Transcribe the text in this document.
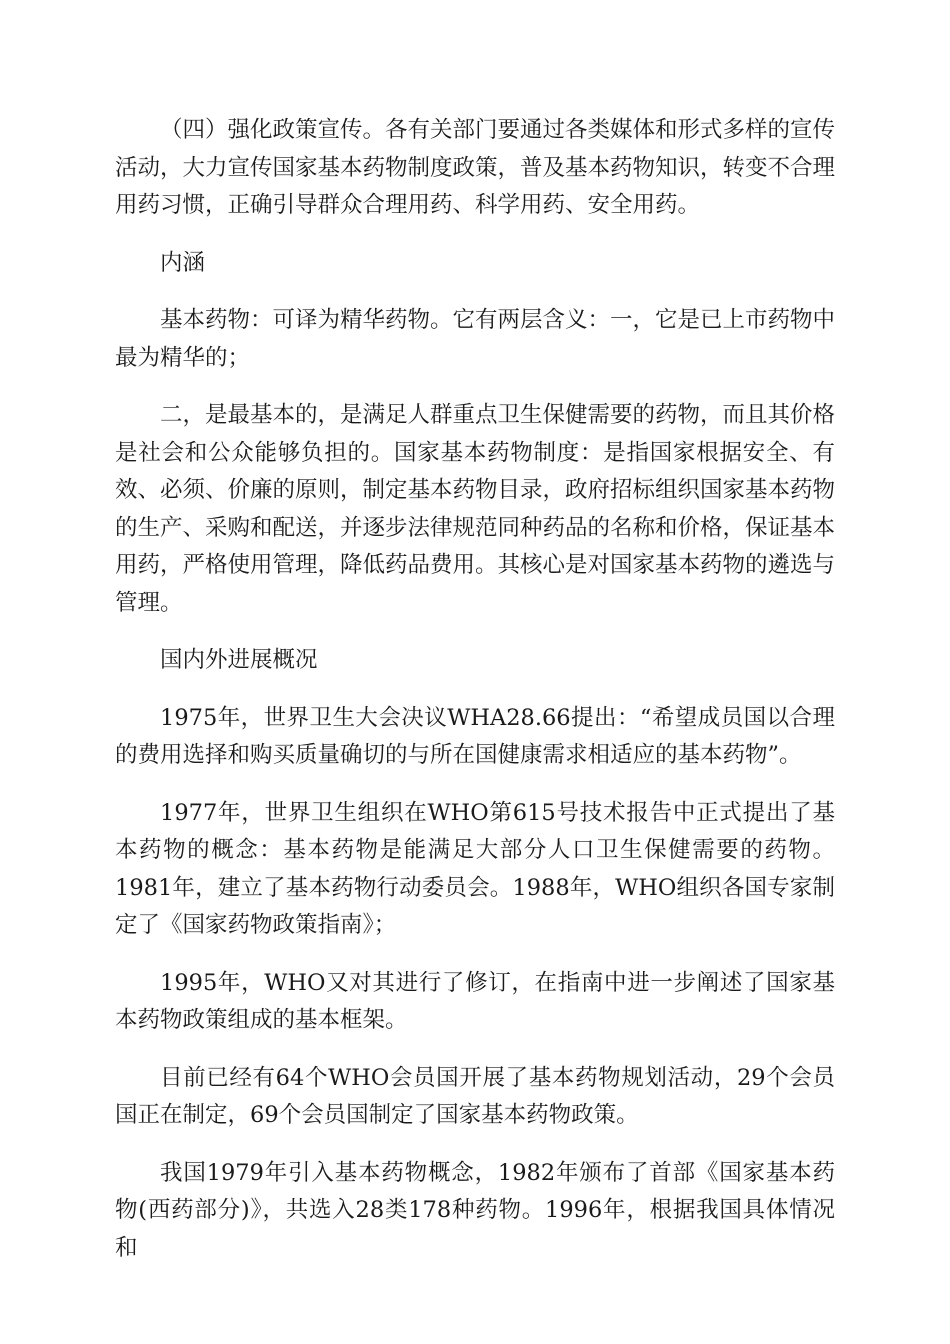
（四）强化政策宣传。各有关部门要通过各类媒体和形式多样的宣传活动，大力宣传国家基本药物制度政策，普及基本药物知识，转变不合理用药习惯，正确引导群众合理用药、科学用药、安全用药。

内涵

基本药物：可译为精华药物。它有两层含义：一，它是已上市药物中最为精华的；

二，是最基本的，是满足人群重点卫生保健需要的药物，而且其价格是社会和公众能够负担的。国家基本药物制度：是指国家根据安全、有效、必须、价廉的原则，制定基本药物目录，政府招标组织国家基本药物的生产、采购和配送，并逐步法律规范同种药品的名称和价格，保证基本用药，严格使用管理，降低药品费用。其核心是对国家基本药物的遴选与管理。

国内外进展概况

1975年，世界卫生大会决议WHA28.66提出：“希望成员国以合理的费用选择和购买质量确切的与所在国健康需求相适应的基本药物”。

1977年，世界卫生组织在WHO第615号技术报告中正式提出了基本药物的概念：基本药物是能满足大部分人口卫生保健需要的药物。1981年，建立了基本药物行动委员会。1988年，WHO组织各国专家制定了《国家药物政策指南》；

1995年，WHO又对其进行了修订，在指南中进一步阐述了国家基本药物政策组成的基本框架。

目前已经有64个WHO会员国开展了基本药物规划活动，29个会员国正在制定，69个会员国制定了国家基本药物政策。

我国1979年引入基本药物概念，1982年颁布了首部《国家基本药物(西药部分)》，共选入28类178种药物。1996年，根据我国具体情况和
